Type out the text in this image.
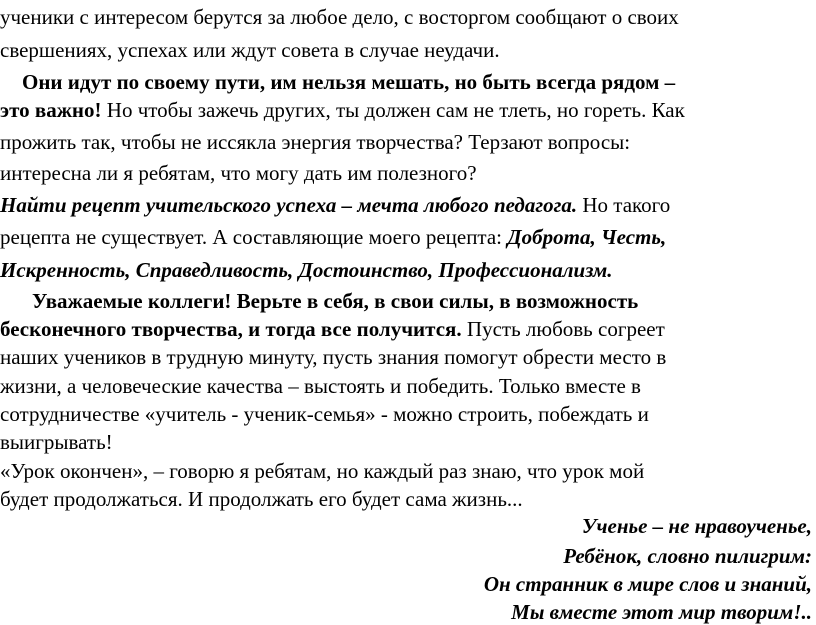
ученики с интересом берутся за любое дело, с восторгом сообщают о своих
свершениях, успехах или ждут совета в случае неудачи.
Они идут по своему пути, им нельзя мешать, но быть всегда рядом –
это важно! Но чтобы зажечь других, ты должен сам не тлеть, но гореть. Как
прожить так, чтобы не иссякла энергия творчества? Терзают вопросы:
интересна ли я ребятам, что могу дать им полезного?
Найти рецепт учительского успеха – мечта любого педагога. Но такого
рецепта не существует. А составляющие моего рецепта: Доброта, Честь,
Искренность, Справедливость, Достоинство, Профессионализм.
Уважаемые коллеги! Верьте в себя, в свои силы, в возможность
бесконечного творчества, и тогда все получится. Пусть любовь согреет
наших учеников в трудную минуту, пусть знания помогут обрести место в
жизни, а человеческие качества – выстоять и победить. Только вместе в
сотрудничестве «учитель - ученик-семья» - можно строить, побеждать и
выигрывать!
«Урок окончен», – говорю я ребятам, но каждый раз знаю, что урок мой
будет продолжаться. И продолжать его будет сама жизнь...
Ученье – не нравоученье,
Ребёнок, словно пилигрим:
Он странник в мире слов и знаний,
Мы вместе этот мир творим!..
